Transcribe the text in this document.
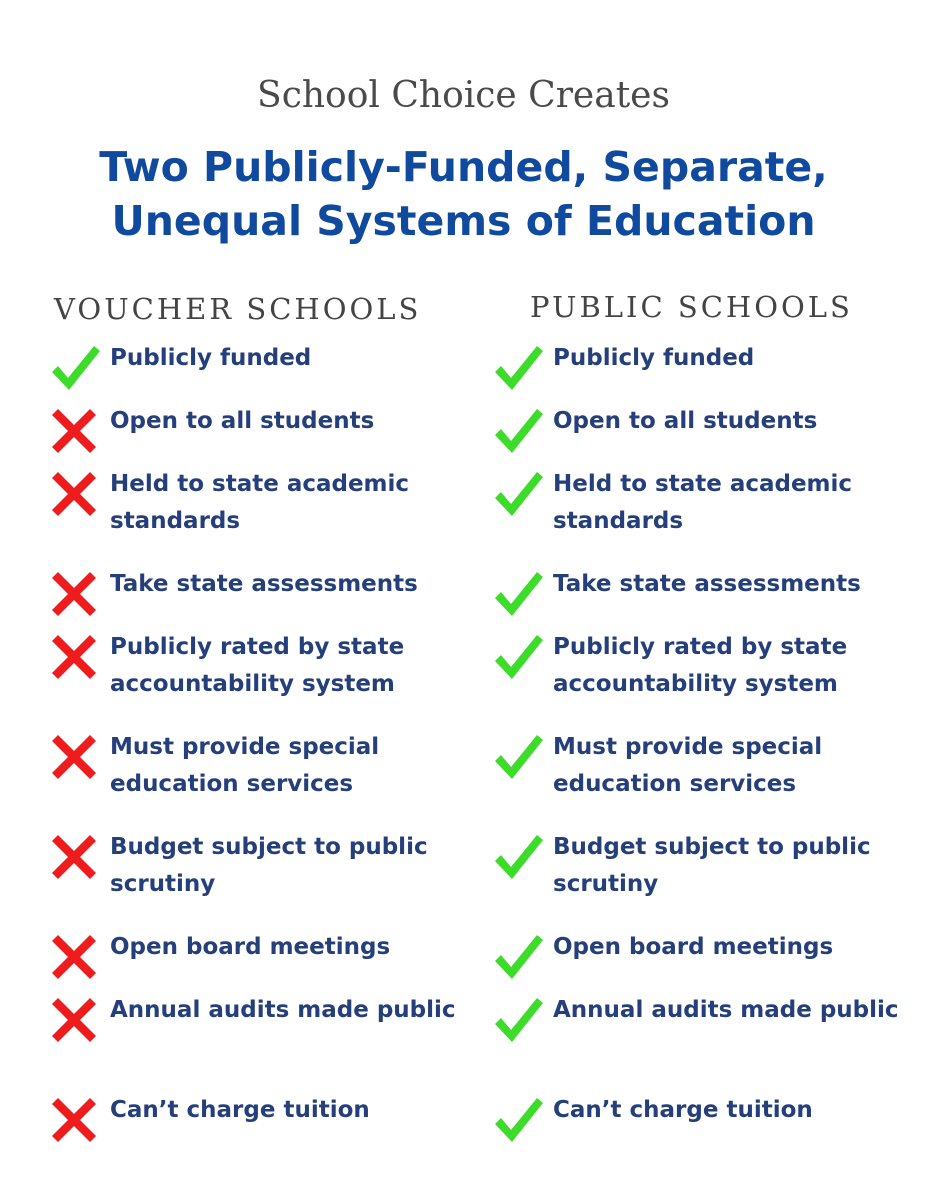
School Choice Creates
Two Publicly-Funded, Separate,
Unequal Systems of Education
VOUCHER SCHOOLS	PUBLIC SCHOOLS
Publicly funded
Open to all students
Held to state academic standards
Take state assessments
Publicly rated by state accountability system
Must provide special education services
Budget subject to public scrutiny
Open board meetings
Annual audits made public
Can’t charge tuition
Publicly funded
Open to all students
Held to state academic standards
Take state assessments
Publicly rated by state accountability system
Must provide special education services
Budget subject to public scrutiny
Open board meetings
Annual audits made public
Can’t charge tuition
